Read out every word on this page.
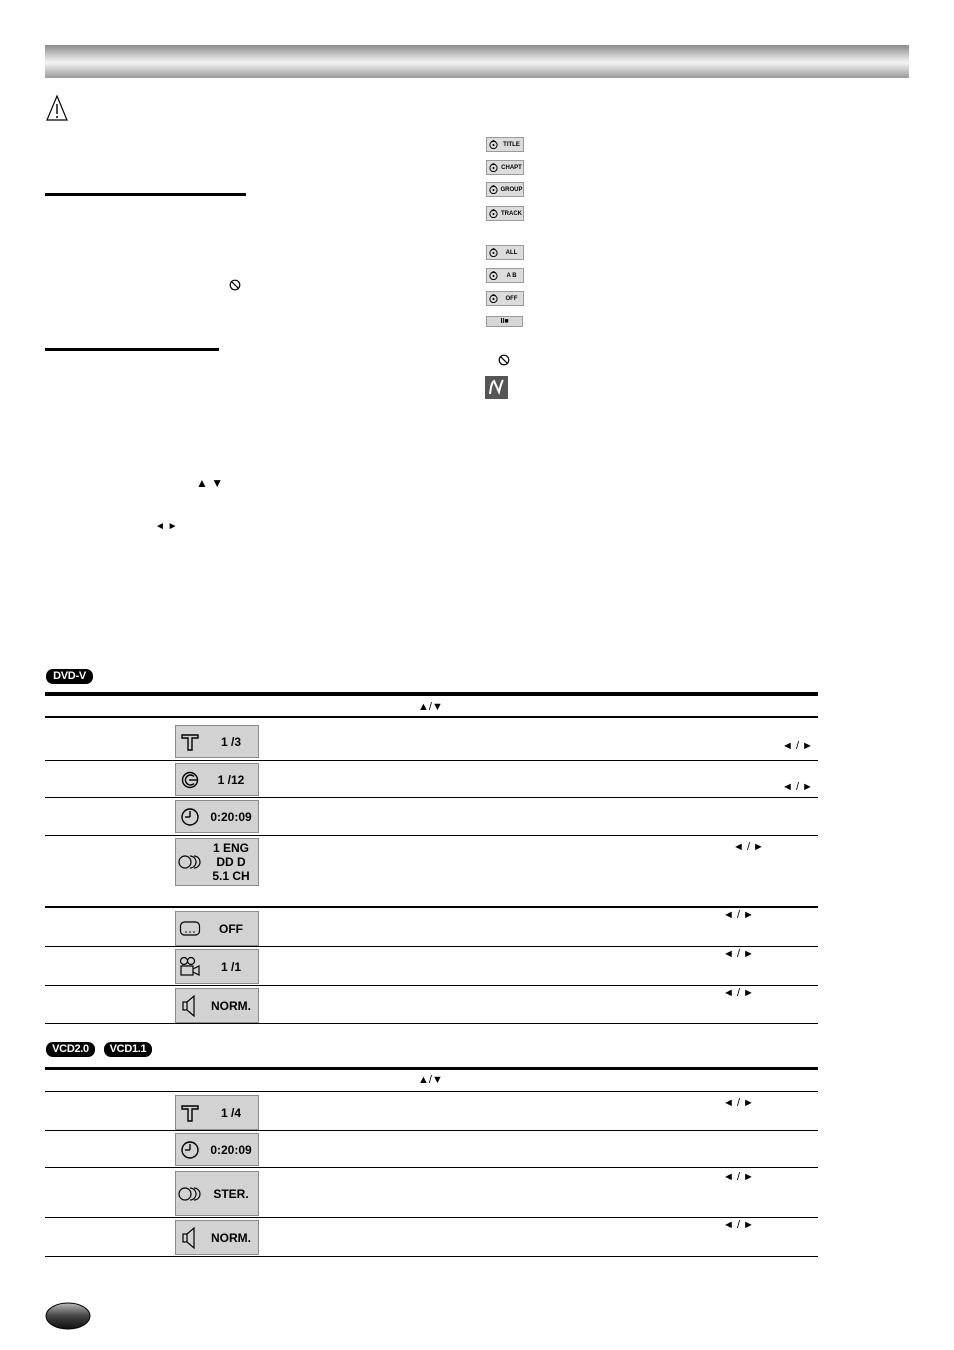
▲ ▼
◄ ►
TITLE
CHAPT
GROUP
TRACK
ALL
A B
OFF
II■
DVD-V
▲/▼
1 /3	◄ / ►
1 /12
◄ / ►
0:20:09
1 ENG
DD D
5.1 CH
◄ / ►
OFF
◄ / ►
1 /1
◄ / ►
NORM.
◄ / ►
VCD2.0	VCD1.1
▲/▼
1 /4
◄ / ►
0:20:09
STER.
◄ / ►
NORM.
◄ / ►
